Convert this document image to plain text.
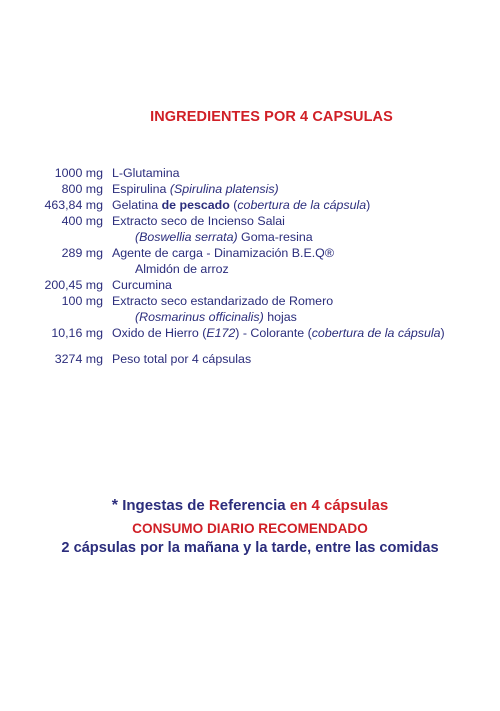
INGREDIENTES POR 4 CAPSULAS
1000 mg L-Glutamina
800 mg Espirulina (Spirulina platensis)
463,84 mg Gelatina de pescado (cobertura de la cápsula)
400 mg Extracto seco de Incienso Salai
(Boswellia serrata) Goma-resina
289 mg Agente de carga - Dinamización B.E.Q®
Almidón de arroz
200,45 mg Curcumina
100 mg Extracto seco estandarizado de Romero
(Rosmarinus officinalis) hojas
10,16 mg Oxido de Hierro (E172) - Colorante (cobertura de la cápsula)
3274 mg Peso total por 4 cápsulas
* Ingestas de Referencia en 4 cápsulas
CONSUMO DIARIO RECOMENDADO
2 cápsulas por la mañana y la tarde, entre las comidas
